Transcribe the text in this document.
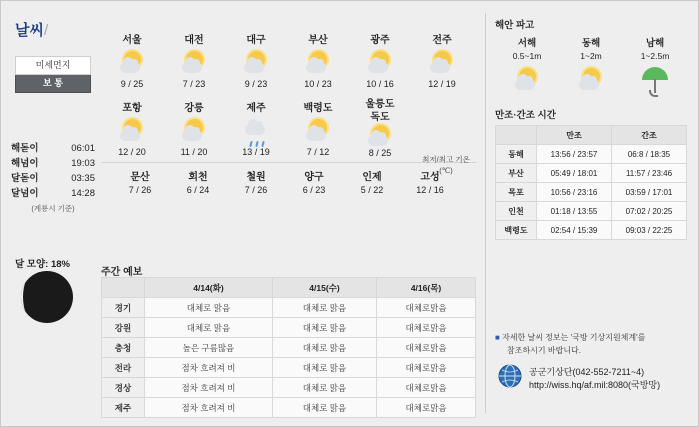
날씨/
미세먼지
보 통
해돋이	06:01
해넘이	19:03
달돋이	03:35
달넘이	14:28
(계룡시 기준)
달 모양: 18%
서울
9 / 25
대전
7 / 23
대구
9 / 23
부산
10 / 23
광주
10 / 16
전주
12 / 19
포항
12 / 20
강릉
11 / 20
제주
13 / 19
백령도
7 / 12
울릉도
독도
8 / 25
문산
7 / 26
회천
6 / 24
철원
7 / 26
양구
6 / 23
인제
5 / 22
고성
12 / 16
최저/최고 기온
(℃)
주간 예보
	4/14(화)	4/15(수)	4/16(목)
경기	대체로 맑음	대체로 맑음	대체로맑음
강원	대체로 맑음	대체로 맑음	대체로맑음
충청	높은 구름많음	대체로 맑음	대체로맑음
전라	점차 흐려져 비	대체로 맑음	대체로맑음
경상	점차 흐려져 비	대체로 맑음	대체로맑음
제주	점차 흐려져 비	대체로 맑음	대체로맑음
해안 파고
서해
0.5~1m
동해
1~2m
남해
1~2.5m
만조·간조 시간
	만조	간조
동해	13:56 / 23:57	06:8 / 18:35
부산	05:49 / 18:01	11:57 / 23:46
목포	10:56 / 23:16	03:59 / 17:01
인천	01:18 / 13:55	07:02 / 20:25
백령도	02:54 / 15:39	09:03 / 22:25
■ 자세한 날씨 정보는 '국방 기상지원체계'를
참조하시기 바랍니다.
공군기상단(042-552-7211~4)
http://wiss.hq/af.mil:8080(국방망)
